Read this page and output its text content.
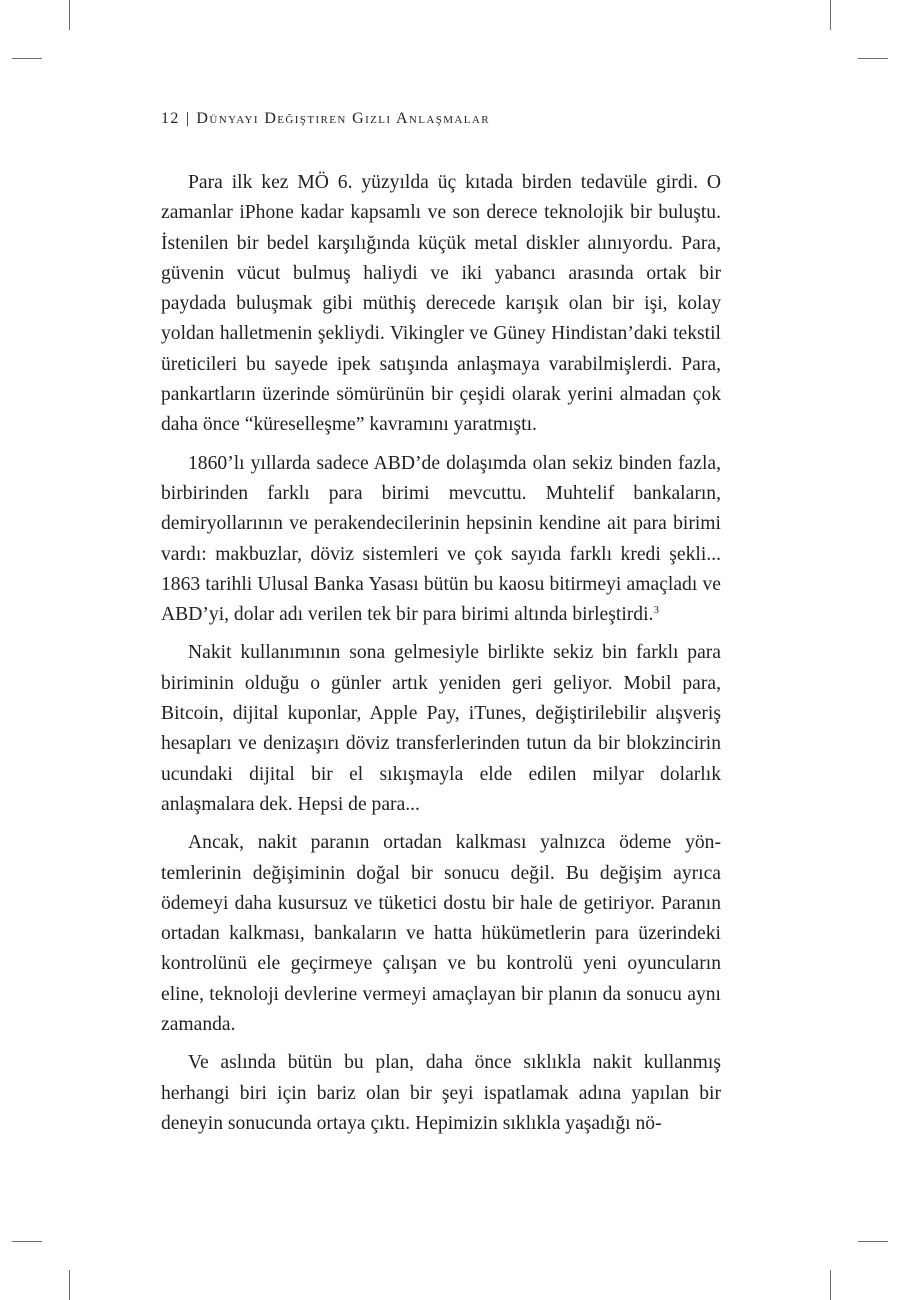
12 | Dünyayı Değiştiren Gizli Anlaşmalar

Para ilk kez MÖ 6. yüzyılda üç kıtada birden tedavüle girdi. O zamanlar iPhone kadar kapsamlı ve son derece teknolojik bir buluştu. İstenilen bir bedel karşılığında küçük metal diskler alınıyordu. Para, güvenin vücut bulmuş haliydi ve iki yabancı arasında ortak bir paydada buluşmak gibi müthiş derecede karışık olan bir işi, kolay yoldan halletmenin şekliydi. Vikingler ve Güney Hindistan’daki tekstil üreticileri bu sayede ipek satışında anlaşmaya varabilmişlerdi. Para, pankartların üzerinde sömürünün bir çeşidi olarak yerini almadan çok daha önce “küreselleşme” kavramını yaratmıştı.

1860’lı yıllarda sadece ABD’de dolaşımda olan sekiz binden fazla, birbirinden farklı para birimi mevcuttu. Muhtelif bankaların, demiryollarının ve perakendecilerinin hepsinin kendine ait para birimi vardı: makbuzlar, döviz sistemleri ve çok sayıda farklı kredi şekli... 1863 tarihli Ulusal Banka Yasası bütün bu kaosu bitirmeyi amaçladı ve ABD’yi, dolar adı verilen tek bir para birimi altında birleştirdi.$^3$

Nakit kullanımının sona gelmesiyle birlikte sekiz bin farklı para biriminin olduğu o günler artık yeniden geri geliyor. Mobil para, Bitcoin, dijital kuponlar, Apple Pay, iTunes, değiştirilebilir alışveriş hesapları ve denizaşırı döviz transferlerinden tutun da bir blokzincirin ucundaki dijital bir el sıkışmayla elde edilen milyar dolarlık anlaşmalara dek. Hepsi de para...

Ancak, nakit paranın ortadan kalkması yalnızca ödeme yöntemlerinin değişiminin doğal bir sonucu değil. Bu değişim ayrıca ödemeyi daha kusursuz ve tüketici dostu bir hale de getiriyor. Paranın ortadan kalkması, bankaların ve hatta hükümetlerin para üzerindeki kontrolünü ele geçirmeye çalışan ve bu kontrolü yeni oyuncuların eline, teknoloji devlerine vermeyi amaçlayan bir planın da sonucu aynı zamanda.

Ve aslında bütün bu plan, daha önce sıklıkla nakit kullanmış herhangi biri için bariz olan bir şeyi ispatlamak adına yapılan bir deneyin sonucunda ortaya çıktı. Hepimizin sıklıkla yaşadığı nö-
